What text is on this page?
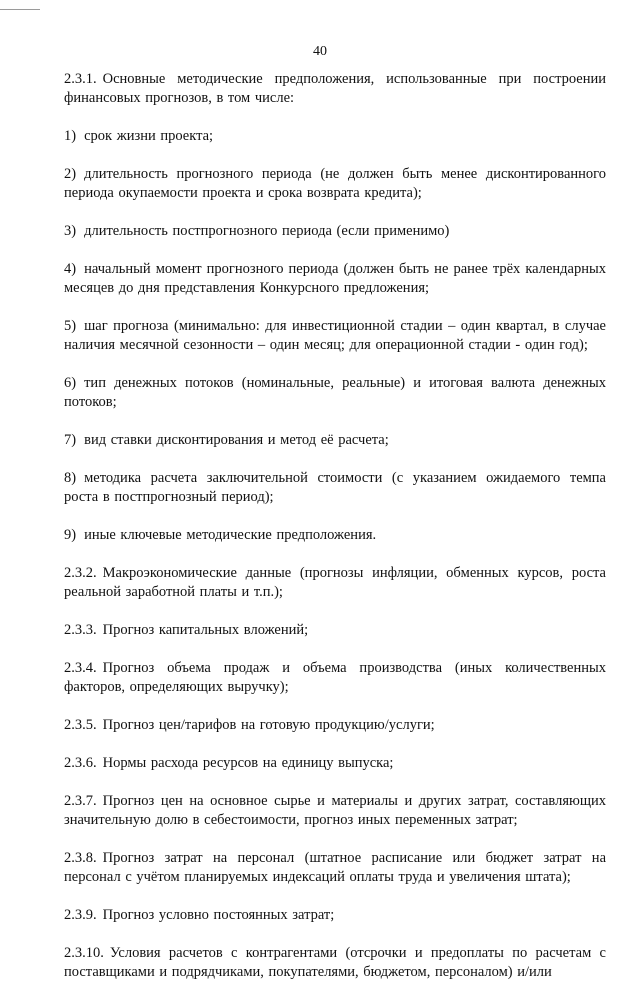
40

2.3.1. Основные методические предположения, использованные при построении финансовых прогнозов, в том числе:

1) срок жизни проекта;

2) длительность прогнозного периода (не должен быть менее дисконтированного периода окупаемости проекта и срока возврата кредита);

3) длительность постпрогнозного периода (если применимо)

4) начальный момент прогнозного периода (должен быть не ранее трёх календарных месяцев до дня представления Конкурсного предложения;

5) шаг прогноза (минимально: для инвестиционной стадии – один квартал, в случае наличия месячной сезонности – один месяц; для операционной стадии - один год);

6) тип денежных потоков (номинальные, реальные) и итоговая валюта денежных потоков;

7) вид ставки дисконтирования и метод её расчета;

8) методика расчета заключительной стоимости (с указанием ожидаемого темпа роста в постпрогнозный период);

9) иные ключевые методические предположения.

2.3.2. Макроэкономические данные (прогнозы инфляции, обменных курсов, роста реальной заработной платы и т.п.);

2.3.3. Прогноз капитальных вложений;

2.3.4. Прогноз объема продаж и объема производства (иных количественных факторов, определяющих выручку);

2.3.5. Прогноз цен/тарифов на готовую продукцию/услуги;

2.3.6. Нормы расхода ресурсов на единицу выпуска;

2.3.7. Прогноз цен на основное сырье и материалы и других затрат, составляющих значительную долю в себестоимости, прогноз иных переменных затрат;

2.3.8. Прогноз затрат на персонал (штатное расписание или бюджет затрат на персонал с учётом планируемых индексаций оплаты труда и увеличения штата);

2.3.9. Прогноз условно постоянных затрат;

2.3.10. Условия расчетов с контрагентами (отсрочки и предоплаты по расчетам с поставщиками и подрядчиками, покупателями, бюджетом, персоналом) и/или
